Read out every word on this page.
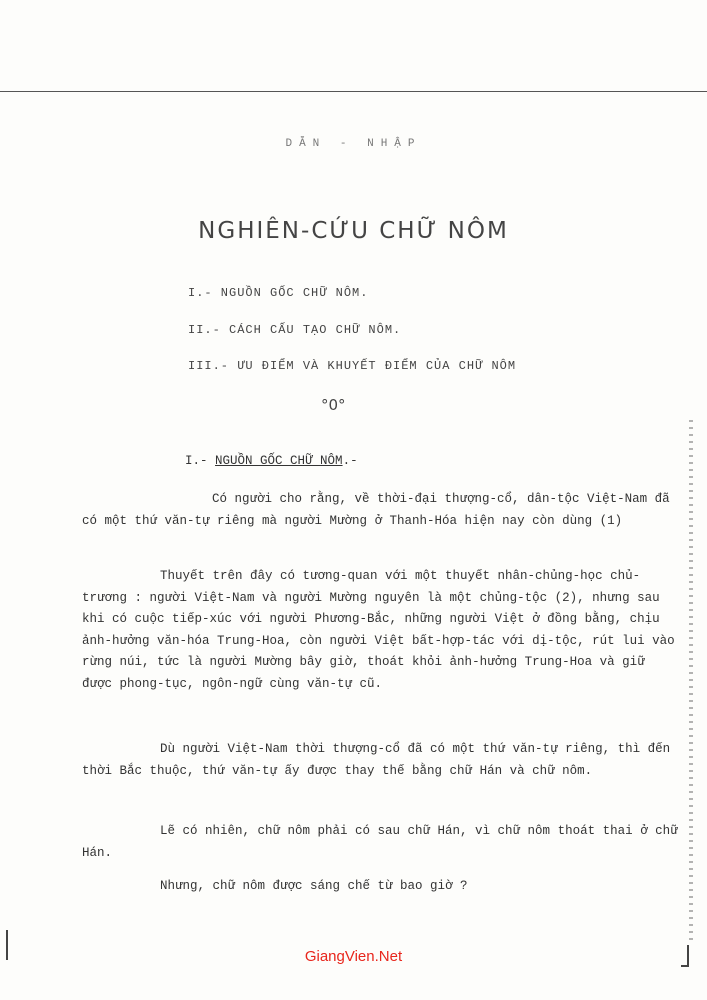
DẪN - NHẬP
NGHIÊN-CỨU CHỮ NÔM
I.- NGUỒN GỐC CHỮ NÔM.
II.- CÁCH CẤU TẠO CHỮ NÔM.
III.- ƯU ĐIỂM VÀ KHUYẾT ĐIỂM CỦA CHỮ NÔM
°0°
I.- NGUỒN GỐC CHỮ NÔM.-

Có người cho rằng, về thời-đại thượng-cổ, dân-tộc Việt-Nam đã có một thứ văn-tự riêng mà người Mường ở Thanh-Hóa hiện nay còn dùng (1)

Thuyết trên đây có tương-quan với một thuyết nhân-chủng-học chủ-trương : người Việt-Nam và người Mường nguyên là một chủng-tộc (2), nhưng sau khi có cuộc tiếp-xúc với người Phương-Bắc, những người Việt ở đồng bằng, chịu ảnh-hưởng văn-hóa Trung-Hoa, còn người Việt bất-hợp-tác với dị-tộc, rút lui vào rừng núi, tức là người Mường bây giờ, thoát khỏi ảnh-hưởng Trung-Hoa và giữ được phong-tục, ngôn-ngữ cùng văn-tự cũ.

Dù người Việt-Nam thời thượng-cổ đã có một thứ văn-tự riêng, thì đến thời Bắc thuộc, thứ văn-tự ấy được thay thế bằng chữ Hán và chữ nôm.

Lẽ có nhiên, chữ nôm phải có sau chữ Hán, vì chữ nôm thoát thai ở chữ Hán.

Nhưng, chữ nôm được sáng chế từ bao giờ ?

GiangVien.Net
